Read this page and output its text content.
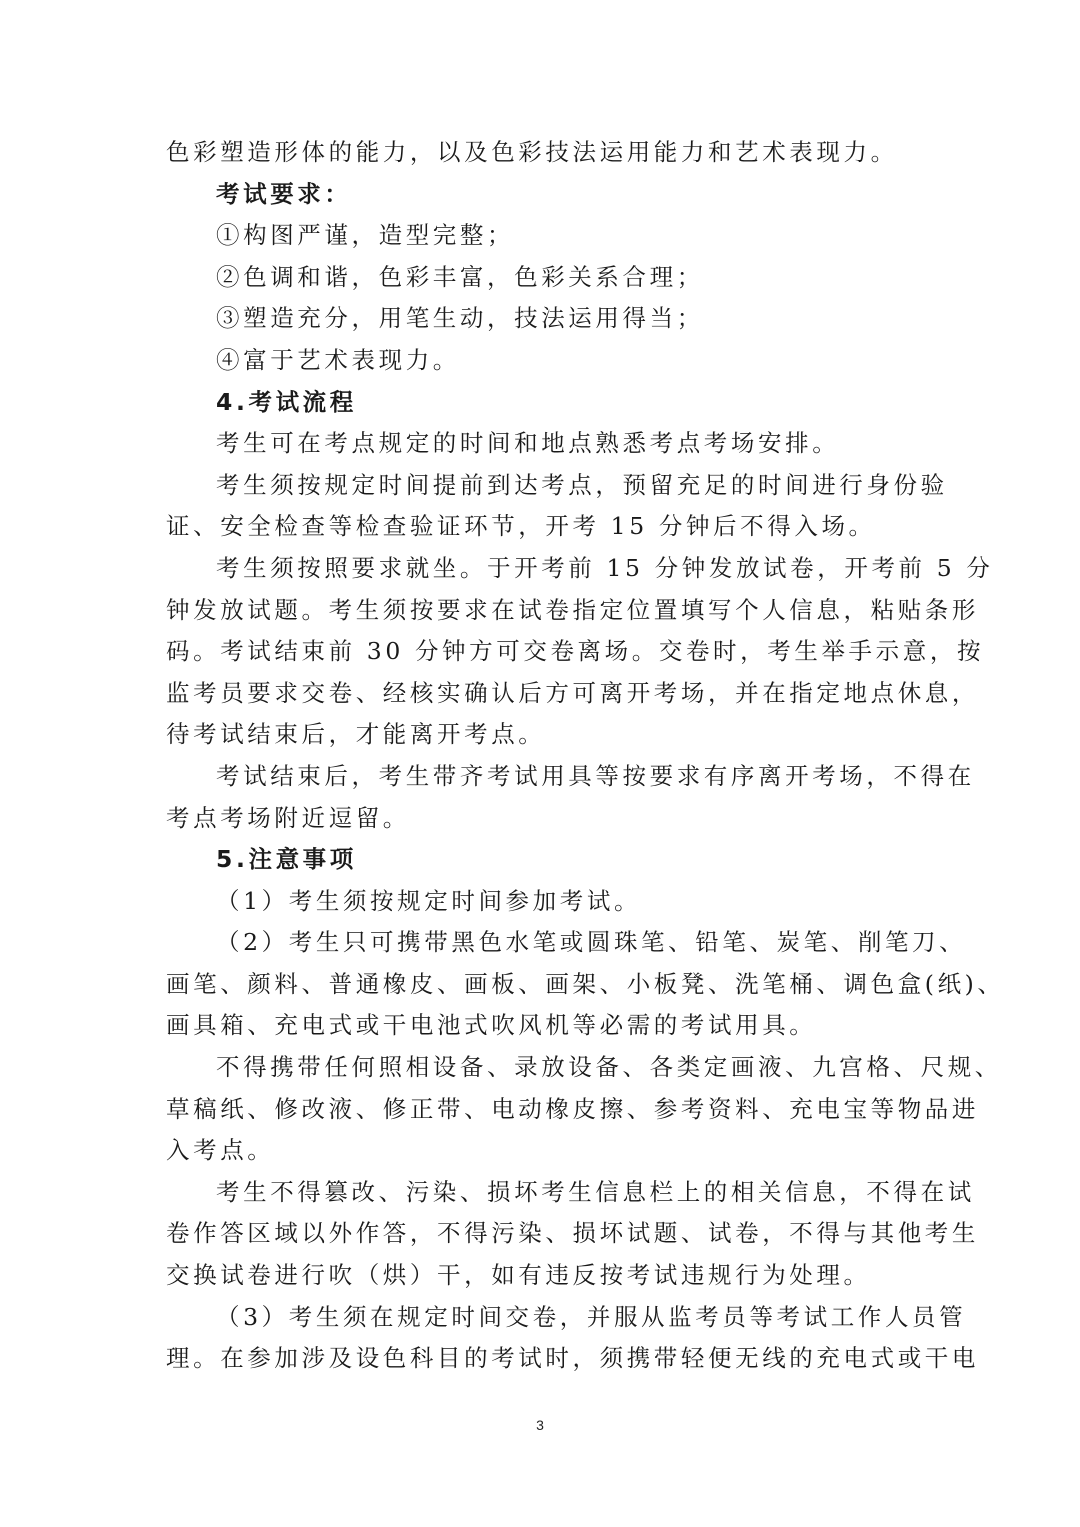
色彩塑造形体的能力，以及色彩技法运用能力和艺术表现力。
考试要求：
①构图严谨，造型完整；
②色调和谐，色彩丰富，色彩关系合理；
③塑造充分，用笔生动，技法运用得当；
④富于艺术表现力。
4.考试流程
考生可在考点规定的时间和地点熟悉考点考场安排。
考生须按规定时间提前到达考点，预留充足的时间进行身份验
证、安全检查等检查验证环节，开考 15 分钟后不得入场。
考生须按照要求就坐。于开考前 15 分钟发放试卷，开考前 5 分
钟发放试题。考生须按要求在试卷指定位置填写个人信息，粘贴条形
码。考试结束前 30 分钟方可交卷离场。交卷时，考生举手示意，按
监考员要求交卷、经核实确认后方可离开考场，并在指定地点休息，
待考试结束后，才能离开考点。
考试结束后，考生带齐考试用具等按要求有序离开考场，不得在
考点考场附近逗留。
5.注意事项
（1）考生须按规定时间参加考试。
（2）考生只可携带黑色水笔或圆珠笔、铅笔、炭笔、削笔刀、
画笔、颜料、普通橡皮、画板、画架、小板凳、洗笔桶、调色盒(纸)、
画具箱、充电式或干电池式吹风机等必需的考试用具。
不得携带任何照相设备、录放设备、各类定画液、九宫格、尺规、
草稿纸、修改液、修正带、电动橡皮擦、参考资料、充电宝等物品进
入考点。
考生不得篡改、污染、损坏考生信息栏上的相关信息，不得在试
卷作答区域以外作答，不得污染、损坏试题、试卷，不得与其他考生
交换试卷进行吹（烘）干，如有违反按考试违规行为处理。
（3）考生须在规定时间交卷，并服从监考员等考试工作人员管
理。在参加涉及设色科目的考试时，须携带轻便无线的充电式或干电
3
